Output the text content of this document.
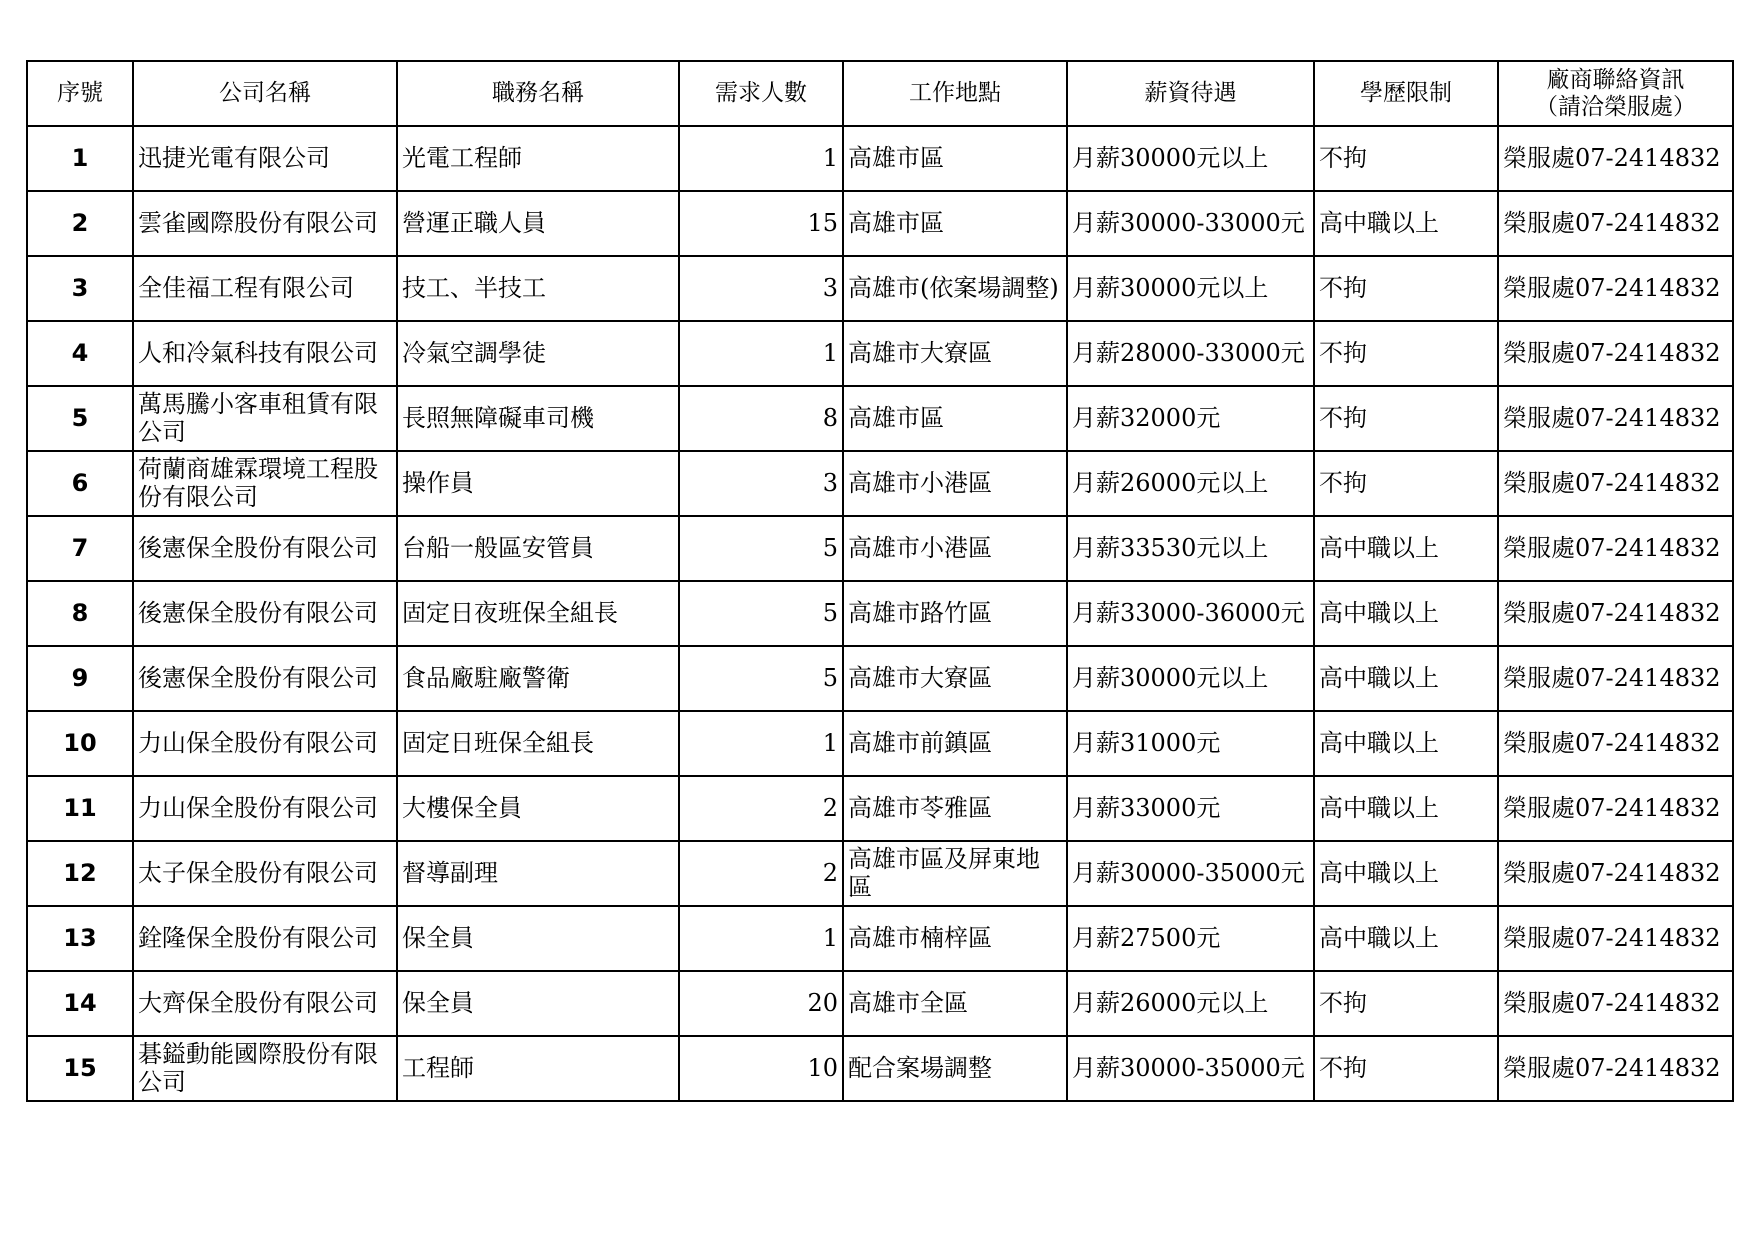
序號	公司名稱	職務名稱	需求人數	工作地點	薪資待遇	學歷限制	廠商聯絡資訊
（請洽榮服處）

1	迅捷光電有限公司	光電工程師	1	高雄市區	月薪30000元以上	不拘	榮服處07-2414832
2	雲雀國際股份有限公司	營運正職人員	15	高雄市區	月薪30000-33000元	高中職以上	榮服處07-2414832
3	全佳福工程有限公司	技工、半技工	3	高雄市(依案場調整)	月薪30000元以上	不拘	榮服處07-2414832
4	人和冷氣科技有限公司	冷氣空調學徒	1	高雄市大寮區	月薪28000-33000元	不拘	榮服處07-2414832
5	萬馬騰小客車租賃有限公司	長照無障礙車司機	8	高雄市區	月薪32000元	不拘	榮服處07-2414832
6	荷蘭商雄霖環境工程股份有限公司	操作員	3	高雄市小港區	月薪26000元以上	不拘	榮服處07-2414832
7	後憲保全股份有限公司	台船一般區安管員	5	高雄市小港區	月薪33530元以上	高中職以上	榮服處07-2414832
8	後憲保全股份有限公司	固定日夜班保全組長	5	高雄市路竹區	月薪33000-36000元	高中職以上	榮服處07-2414832
9	後憲保全股份有限公司	食品廠駐廠警衛	5	高雄市大寮區	月薪30000元以上	高中職以上	榮服處07-2414832
10	力山保全股份有限公司	固定日班保全組長	1	高雄市前鎮區	月薪31000元	高中職以上	榮服處07-2414832
11	力山保全股份有限公司	大樓保全員	2	高雄市苓雅區	月薪33000元	高中職以上	榮服處07-2414832
12	太子保全股份有限公司	督導副理	2	高雄市區及屏東地區	月薪30000-35000元	高中職以上	榮服處07-2414832
13	銓隆保全股份有限公司	保全員	1	高雄市楠梓區	月薪27500元	高中職以上	榮服處07-2414832
14	大齊保全股份有限公司	保全員	20	高雄市全區	月薪26000元以上	不拘	榮服處07-2414832
15	碁鎰動能國際股份有限公司	工程師	10	配合案場調整	月薪30000-35000元	不拘	榮服處07-2414832
